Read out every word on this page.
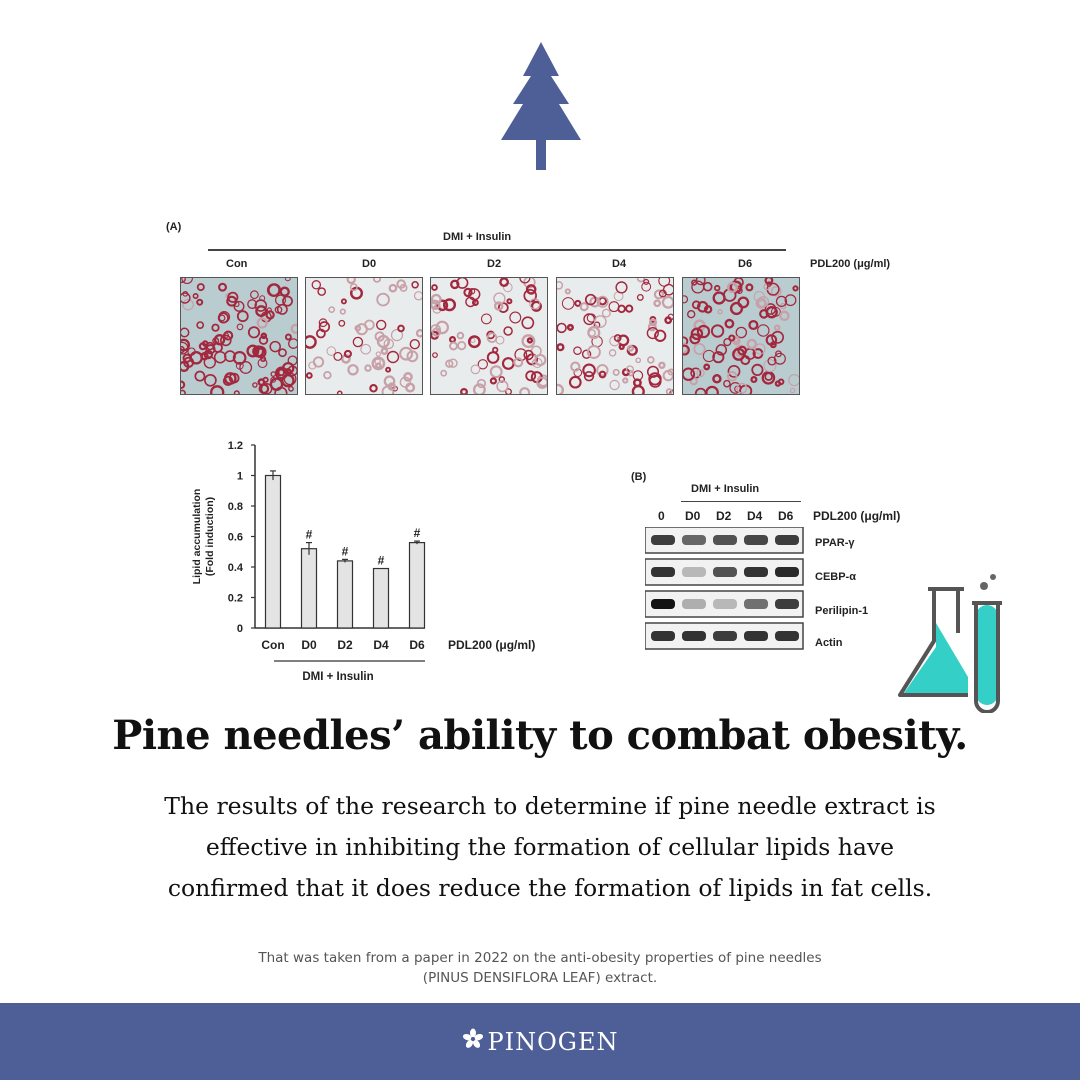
(A)
DMI + Insulin
Con	D0	D2	D4	D6	PDL200 (μg/ml)
0
0.2
0.4
0.6
0.8
1
1.2
Lipid accumulation(Fold induction)
Con
#
D0
#
D2
#
D4
#
D6 PDL200 (μg/ml)
DMI + Insulin
(B)
DMI + Insulin
0 D0 D2 D4 D6 PDL200 (μg/ml)
PPAR-γ
CEBP-α
Perilipin-1
Actin
Pine needles’ ability to combat obesity.
The results of the research to determine if pine needle extract is
effective in inhibiting the formation of cellular lipids have
confirmed that it does reduce the formation of lipids in fat cells.
That was taken from a paper in 2022 on the anti-obesity properties of pine needles
(PINUS DENSIFLORA LEAF) extract.
PINOGEN
